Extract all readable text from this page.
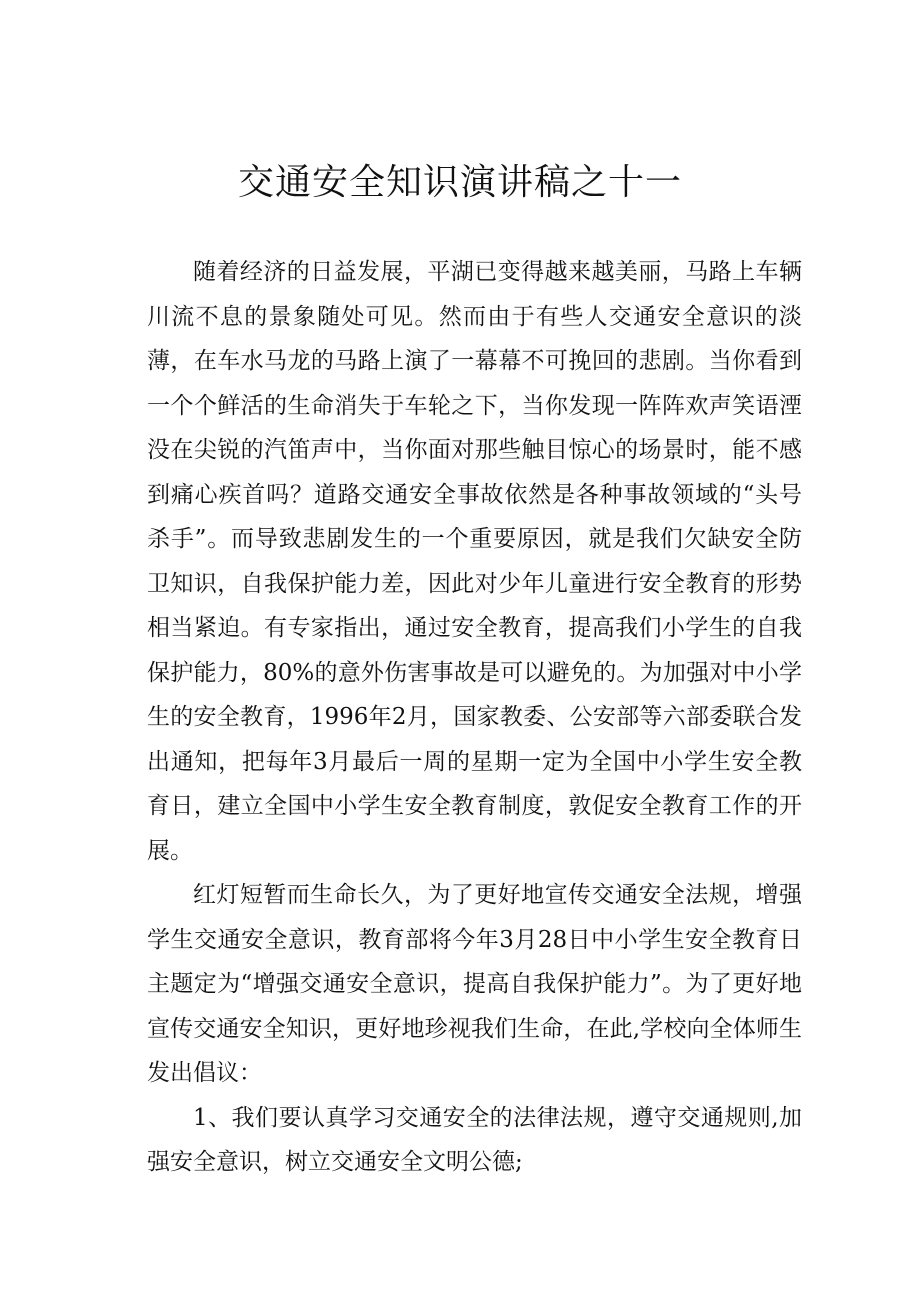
交通安全知识演讲稿之十一

随着经济的日益发展，平湖已变得越来越美丽，马路上车辆川流不息的景象随处可见。然而由于有些人交通安全意识的淡薄，在车水马龙的马路上演了一幕幕不可挽回的悲剧。当你看到一个个鲜活的生命消失于车轮之下，当你发现一阵阵欢声笑语湮没在尖锐的汽笛声中，当你面对那些触目惊心的场景时，能不感到痛心疾首吗？道路交通安全事故依然是各种事故领域的“头号杀手”。而导致悲剧发生的一个重要原因，就是我们欠缺安全防卫知识，自我保护能力差，因此对少年儿童进行安全教育的形势相当紧迫。有专家指出，通过安全教育，提高我们小学生的自我保护能力，80%的意外伤害事故是可以避免的。为加强对中小学生的安全教育，1996年2月，国家教委、公安部等六部委联合发出通知，把每年3月最后一周的星期一定为全国中小学生安全教育日，建立全国中小学生安全教育制度，敦促安全教育工作的开展。

红灯短暂而生命长久，为了更好地宣传交通安全法规，增强学生交通安全意识，教育部将今年3月28日中小学生安全教育日主题定为“增强交通安全意识，提高自我保护能力”。为了更好地宣传交通安全知识，更好地珍视我们生命，在此,学校向全体师生发出倡议：

1、我们要认真学习交通安全的法律法规，遵守交通规则,加强安全意识，树立交通安全文明公德;
